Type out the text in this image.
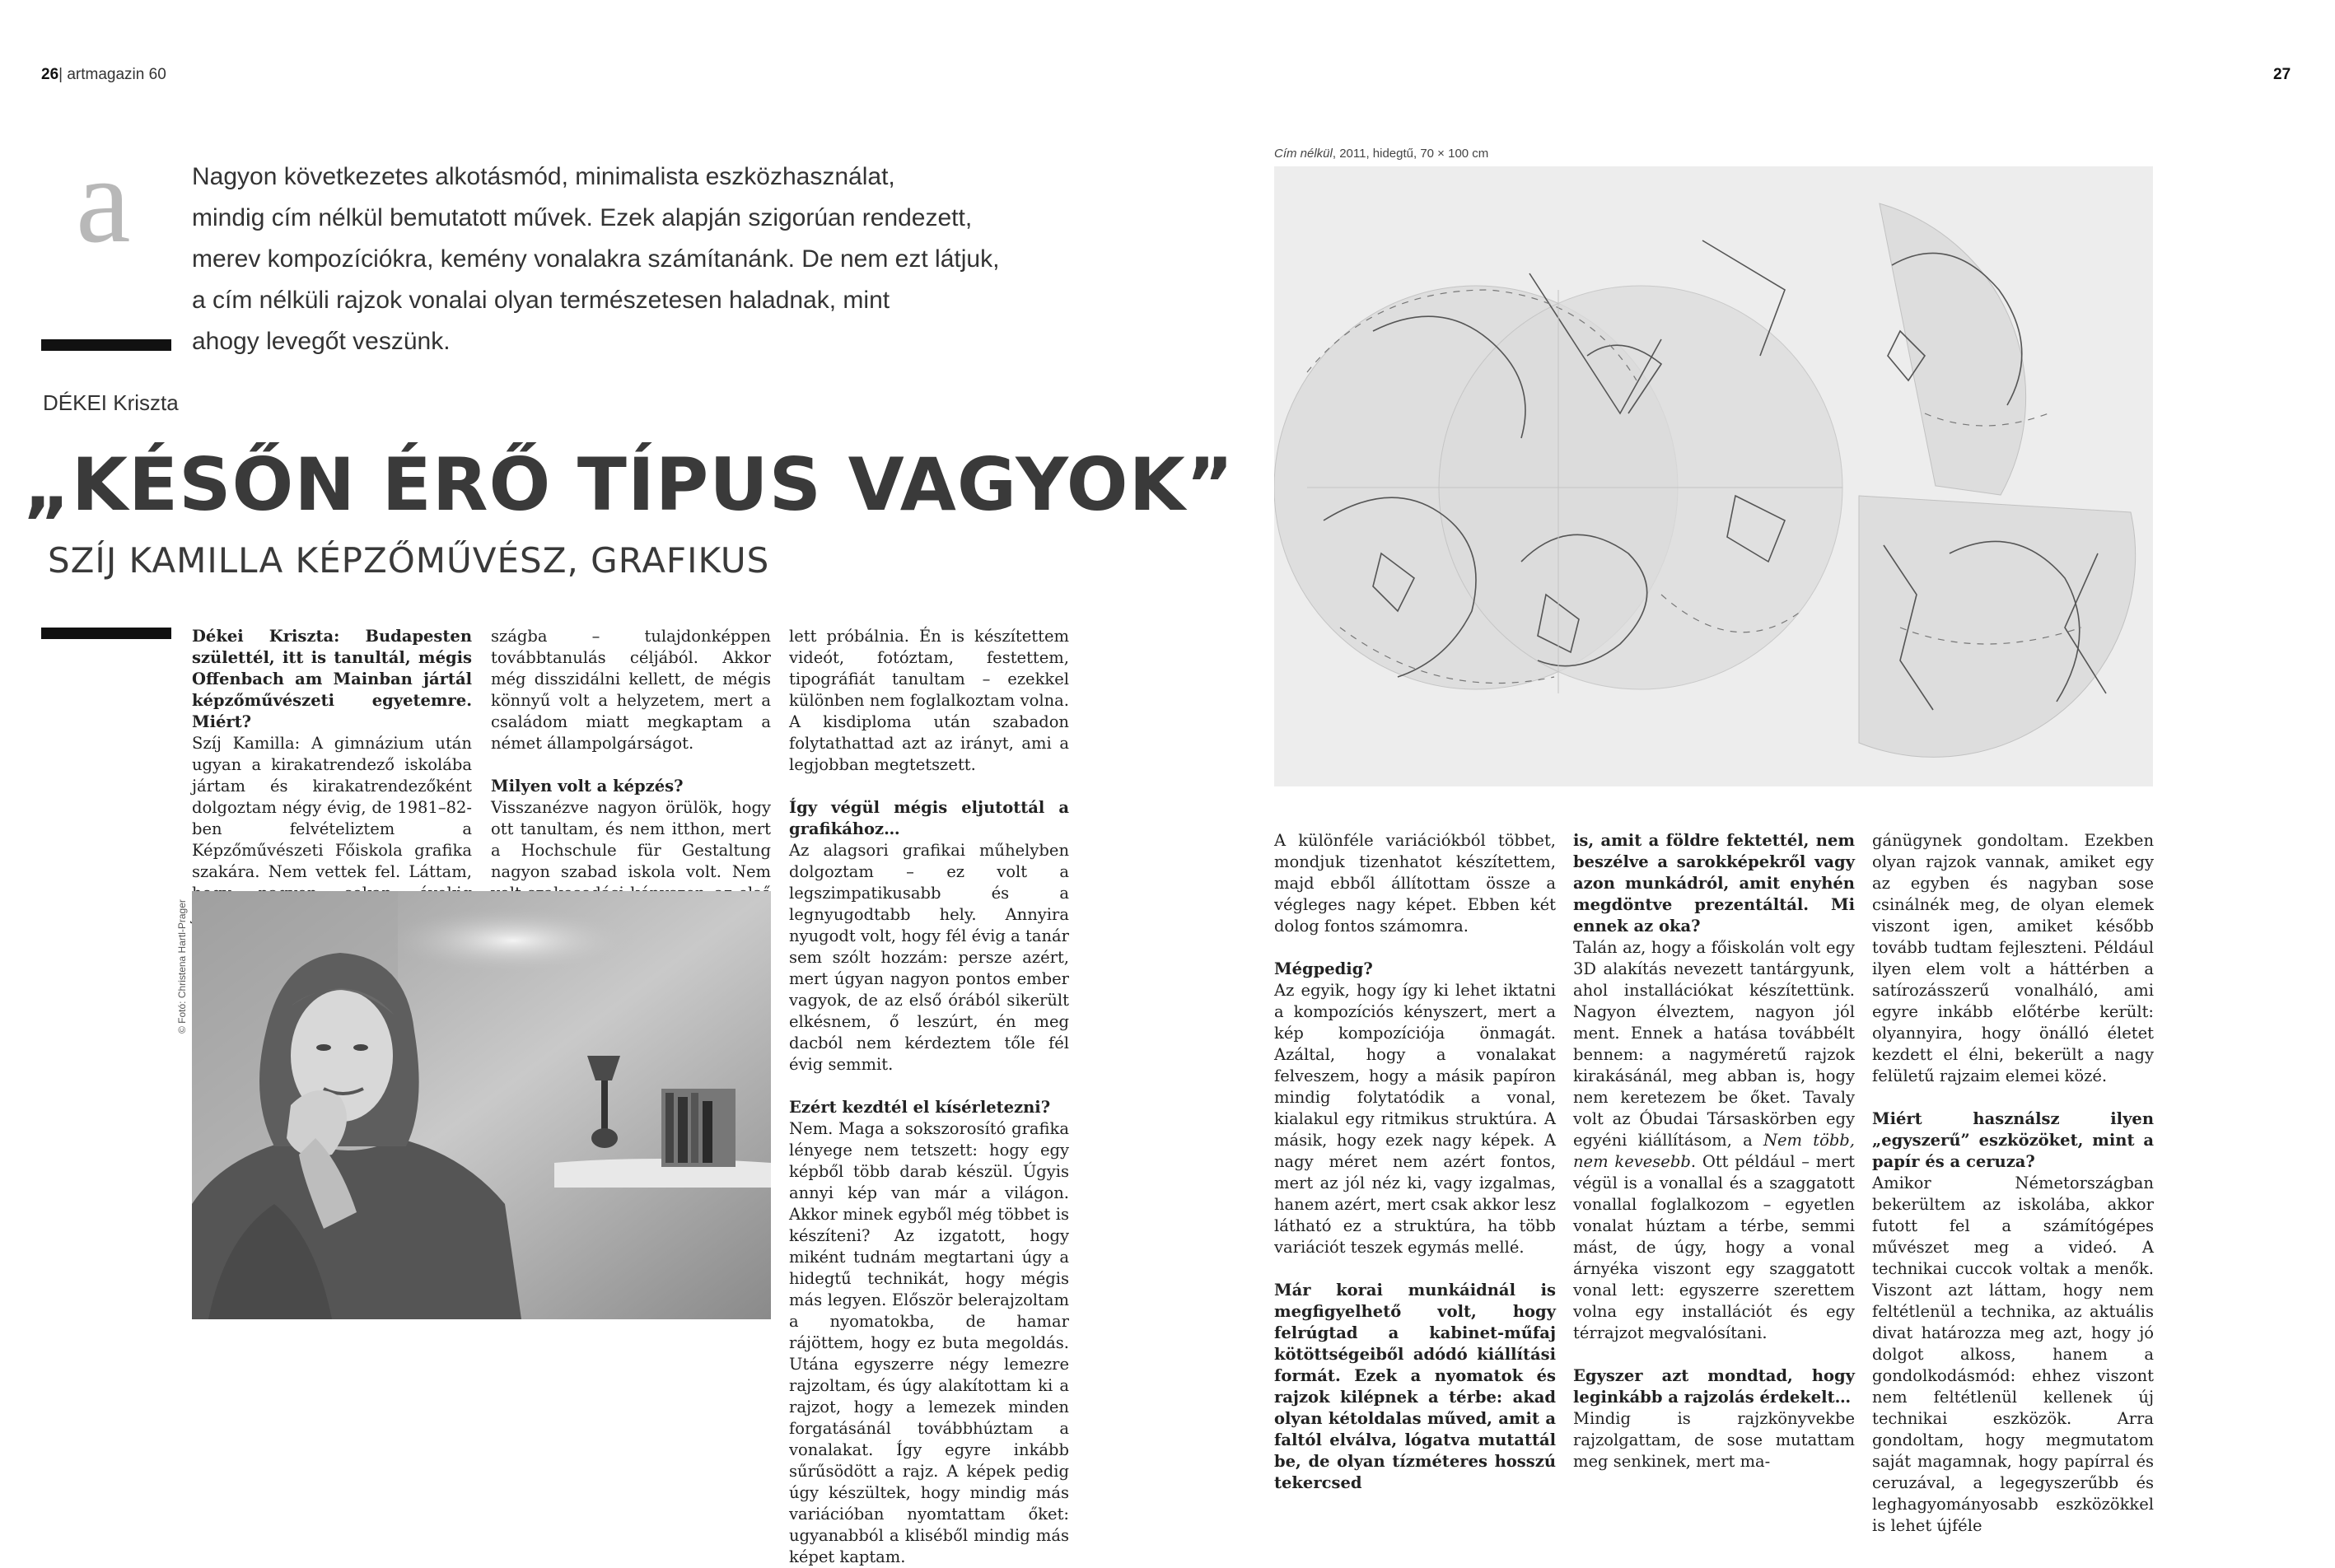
26| artmagazin 60	27
a Nagyon következetes alkotásmód, minimalista eszközhasználat,
mindig cím nélkül bemutatott művek. Ezek alapján szigorúan rendezett,
merev kompozíciókra, kemény vonalakra számítanánk. De nem ezt látjuk,
a cím nélküli rajzok vonalai olyan természetesen haladnak, mint
ahogy levegőt veszünk.
DÉKEI Kriszta
„KÉSŐN ÉRŐ TÍPUS VAGYOK”
SZÍJ KAMILLA KÉPZŐMŰVÉSZ, GRAFIKUS

Dékei Kriszta: Budapesten születtél, itt is tanultál, mégis Offenbach am Mainban jártál képzőművészeti egyetemre. Miért?

Szíj Kamilla: A gimnázium után ugyan a kirakatrendező iskolába jártam és kirakatrendezőként dolgoztam négy évig, de 1981–82-ben felvételiztem a Képzőművészeti Főiskola grafika szakára. Nem vettek fel. Láttam,

szágba – tulajdonképpen továbbtanulás céljából. Akkor még disszidálni kellett, de mégis könnyű volt a helyzetem, mert a családom miatt megkaptam a német állampolgárságot.

Milyen volt a képzés?

Visszanézve nagyon örülök, hogy ott tanultam, és nem itthon, mert a Hochschule für Gestaltung nagyon szabad iskola volt. Nem

© Fotó: Christena Hartl-Prager

lett próbálnia. Én is készítettem videót, fotóztam, festettem, tipográfiát tanultam – ezekkel különben nem foglalkoztam volna. A kisdiploma után szabadon folytathattad azt az irányt, ami a legjobban megtetszett.

Így végül mégis eljutottál a grafikához…

Az alagsori grafikai műhelyben dolgoztam – ez volt a legszimpatikusabb és a legnyugodtabb hely. Annyira nyugodt volt, hogy fél évig a tanár sem szólt hozzám: persze azért, mert úgyan nagyon pontos ember vagyok, de az első órából sikerült elkésnem, ő leszúrt, én meg dacból nem kérdeztem tőle fél évig semmit.

Ezért kezdtél el kísérletezni?

Nem. Maga a sokszorosító grafika lényege nem tetszett: hogy egy képből több darab készül. Úgyis annyi kép van már a világon. Akkor minek egyből még többet is készíteni? Az izgatott, hogy miként tudnám megtartani úgy a hidegtű technikát, hogy mégis más legyen. Először belerajzoltam a nyomatokba, de hamar rájöttem, hogy ez buta megoldás. Utána egyszerre négy lemezre rajzoltam, és úgy alakítottam ki a rajzot, hogy a lemezek minden forgatásánál továbbhúztam a vonalakat. Így egyre inkább sűrűsödött a rajz. A képek pedig úgy készültek, hogy mindig más variációban nyomtattam őket: ugyanabból a kliséből mindig más képet kaptam.

Cím nélkül, 2011, hidegtű, 70 × 100 cm

A különféle variációkból többet, mondjuk tizenhatot készítettem, majd ebből állítottam össze a végleges nagy képet. Ebben két dolog fontos számomra.

Mégpedig?

Az egyik, hogy így ki lehet iktatni a kompozíciós kényszert, mert a kép kompozíciója önmagát. Azáltal, hogy a vonalakat felveszem, hogy a másik papíron mindig folytatódik a vonal, kialakul egy ritmikus struktúra. A másik, hogy ezek nagy képek. A nagy méret nem azért fontos, mert az jól néz ki, vagy izgalmas, hanem azért, mert csak akkor lesz látható ez a struktúra, ha több variációt teszek egymás mellé.

Már korai munkáidnál is megfigyelhető volt, hogy felrúgtad a kabinet-műfaj kötöttségeiből adódó kiállítási formát. Ezek a nyomatok és rajzok kilépnek a térbe: akad olyan kétoldalas műved, amit a faltól elválva, lógatva mutattál be, de olyan tízméteres hosszú tekercsed

is, amit a földre fektettél, nem beszélve a sarokképekről vagy azon munkádról, amit enyhén megdöntve prezentáltál. Mi ennek az oka?

Talán az, hogy a főiskolán volt egy 3D alakítás nevezett tantárgyunk, ahol installációkat készítettünk. Nagyon élveztem, nagyon jól ment. Ennek a hatása továbbélt bennem: a nagyméretű rajzok kirakásánál, meg abban is, hogy nem keretezem be őket. Tavaly volt az Óbudai Társaskörben egy egyéni kiállításom, a Nem több, nem kevesebb. Ott például – mert végül is a vonallal és a szaggatott vonallal foglalkozom – egyetlen vonalat húztam a térbe, semmi mást, de úgy, hogy a vonal árnyéka viszont egy szaggatott vonal lett: egyszerre szerettem volna egy installációt és egy térrajzot megvalósítani.

Egyszer azt mondtad, hogy leginkább a rajzolás érdekelt…

Mindig is rajzkönyvekbe rajzolgattam, de sose mutattam meg senkinek, mert ma-

gánügynek gondoltam. Ezekben olyan rajzok vannak, amiket egy az egyben és nagyban sose csinálnék meg, de olyan elemek viszont igen, amiket később tovább tudtam fejleszteni. Például ilyen elem volt a háttérben a satírozásszerű vonalháló, ami egyre inkább előtérbe került: olyannyira, hogy önálló életet kezdett el élni, bekerült a nagy felületű rajzaim elemei közé.

Miért használsz ilyen „egyszerű” eszközöket, mint a papír és a ceruza?

Amikor Németországban bekerültem az iskolába, akkor futott fel a számítógépes művészet meg a videó. A technikai cuccok voltak a menők. Viszont azt láttam, hogy nem feltétlenül a technika, az aktuális divat határozza meg azt, hogy jó dolgot alkoss, hanem a gondolkodásmód: ehhez viszont nem feltétlenül kellenek új technikai eszközök. Arra gondoltam, hogy megmutatom saját magamnak, hogy papírral és ceruzával, a legegyszerűbb és leghagyományosabb eszközökkel is lehet újféle
